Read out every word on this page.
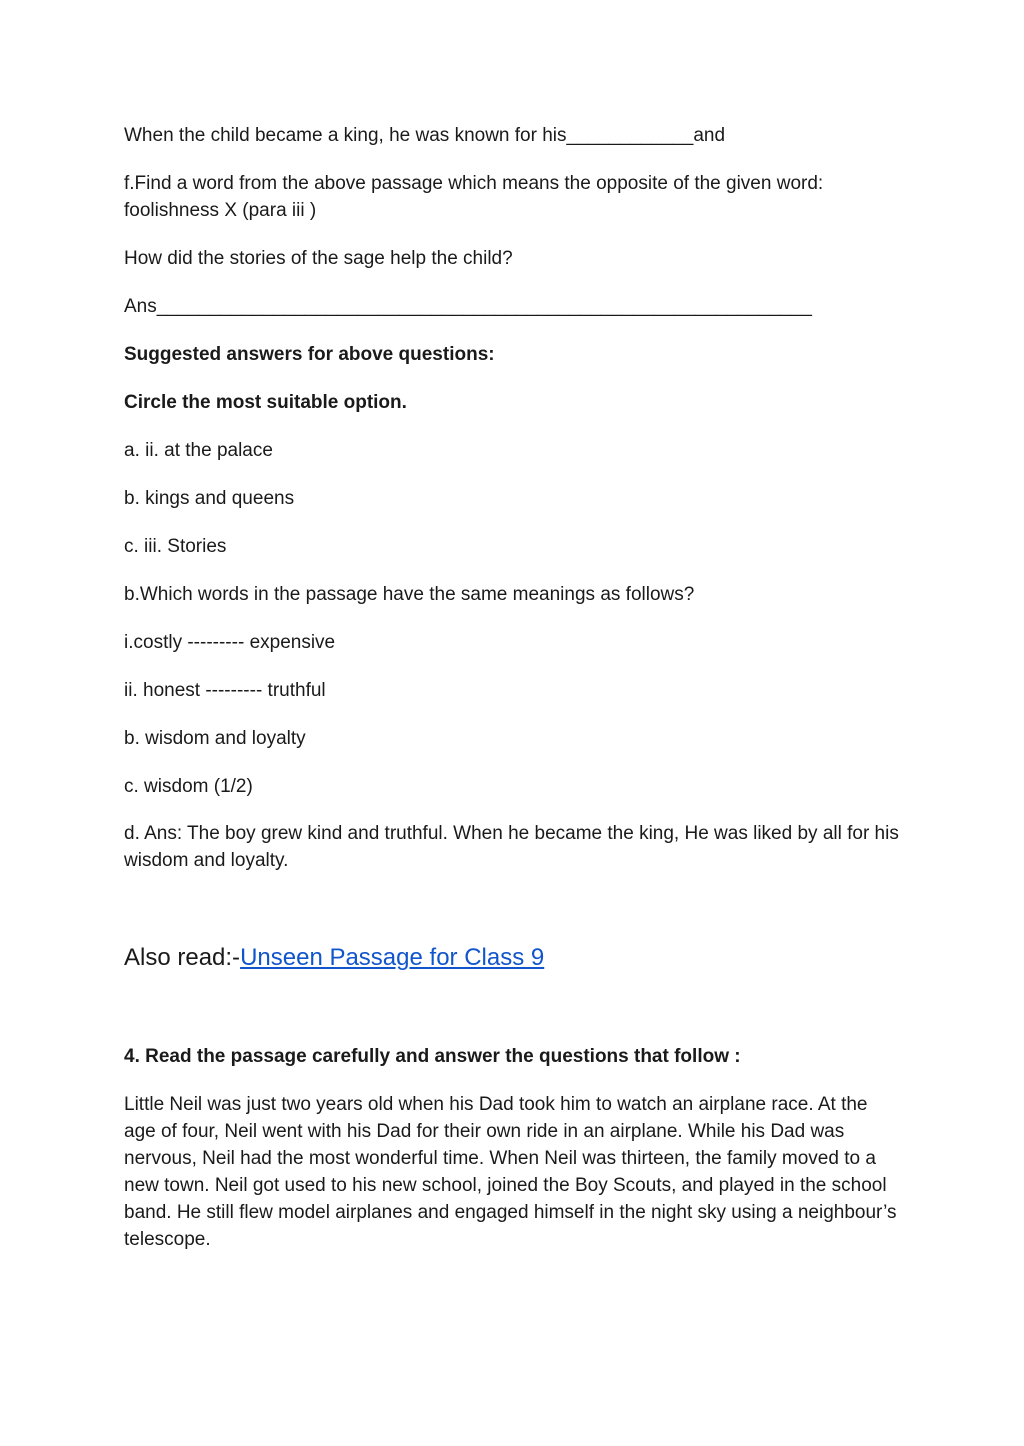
When the child became a king, he was known for his____________and

f.Find a word from the above passage which means the opposite of the given word: foolishness X (para iii )

How did the stories of the sage help the child?

Ans______________________________________________________________

Suggested answers for above questions:

Circle the most suitable option.

a. ii. at the palace

b. kings and queens

c. iii. Stories

b.Which words in the passage have the same meanings as follows?

i.costly --------- expensive

ii. honest --------- truthful

b. wisdom and loyalty

c. wisdom (1/2)

d. Ans: The boy grew kind and truthful. When he became the king, He was liked by all for his wisdom and loyalty.

Also read:-Unseen Passage for Class 9

4. Read the passage carefully and answer the questions that follow :

Little Neil was just two years old when his Dad took him to watch an airplane race. At the age of four, Neil went with his Dad for their own ride in an airplane. While his Dad was nervous, Neil had the most wonderful time. When Neil was thirteen, the family moved to a new town. Neil got used to his new school, joined the Boy Scouts, and played in the school band. He still flew model airplanes and engaged himself in the night sky using a neighbour’s telescope.
